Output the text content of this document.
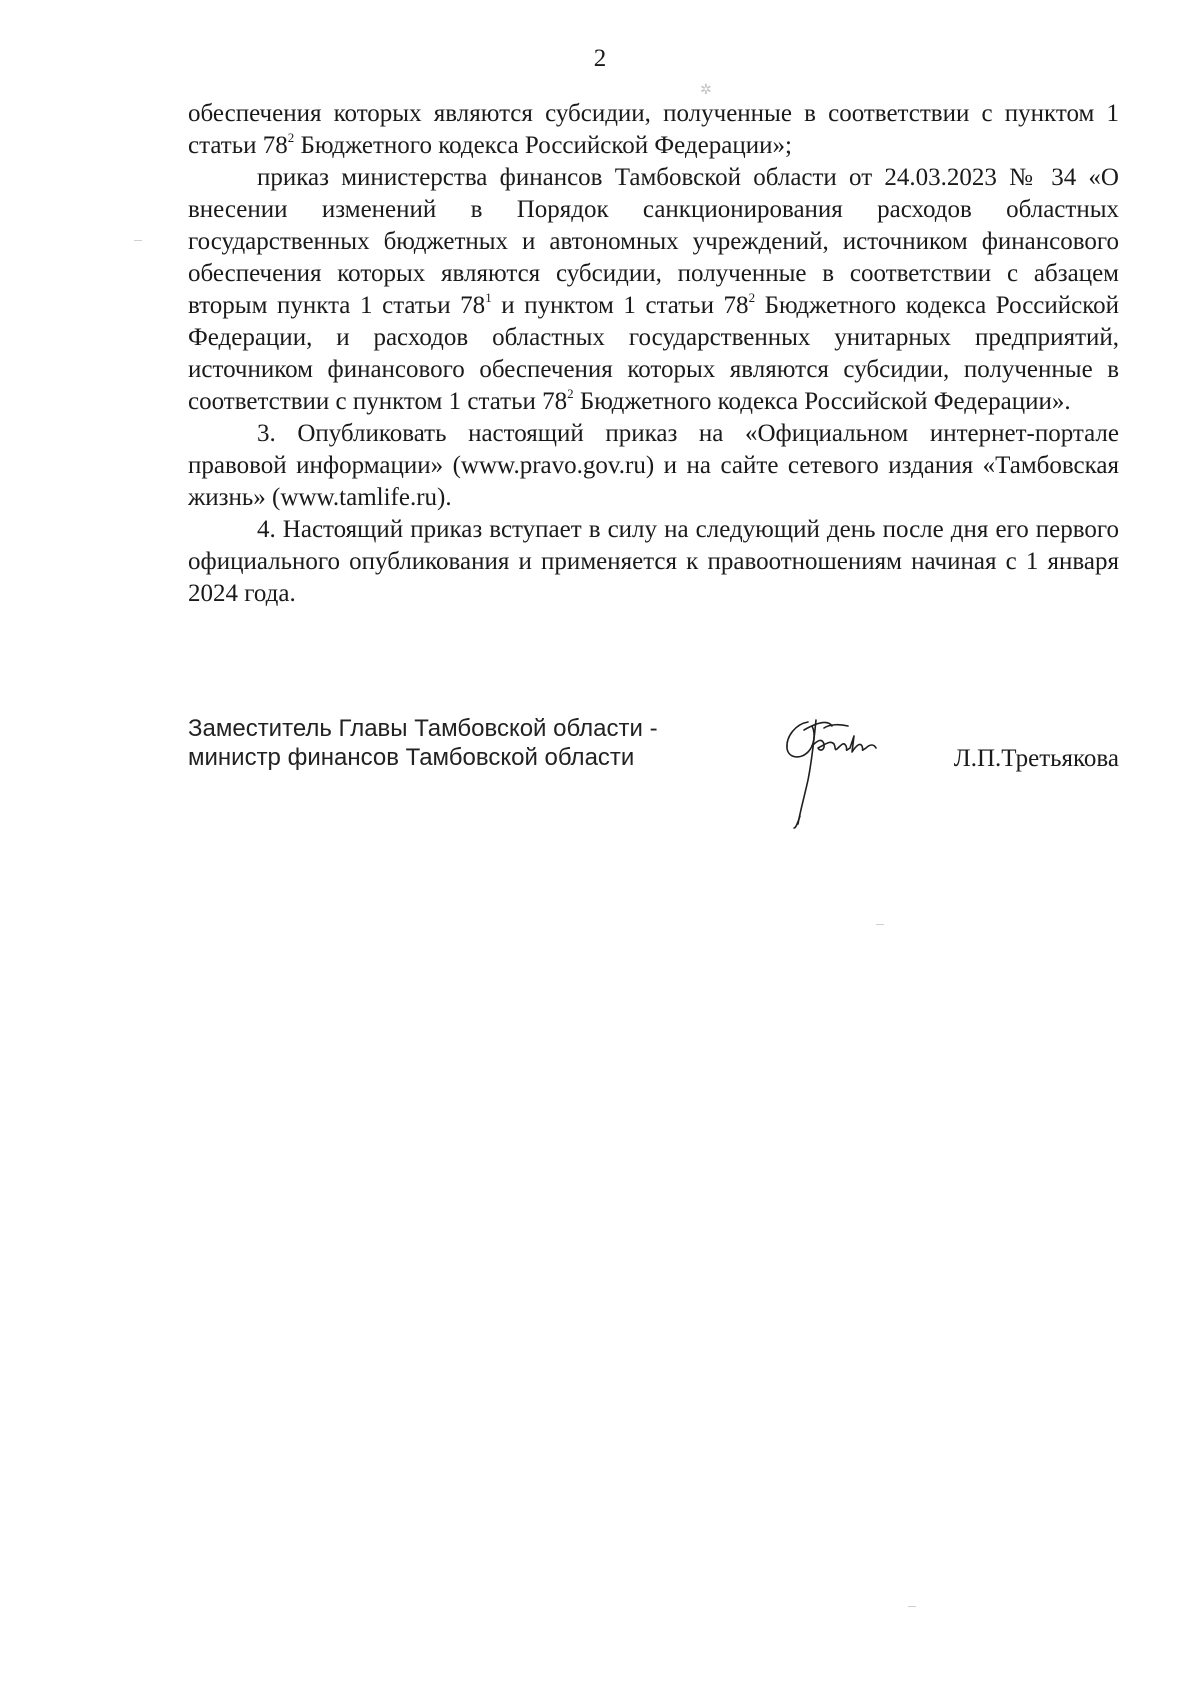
2
✲

обеспечения которых являются субсидии, полученные в соответствии с пунктом 1 статьи $78^2$ Бюджетного кодекса Российской Федерации»;

приказ министерства финансов Тамбовской области от 24.03.2023 № 34 «О внесении изменений в Порядок санкционирования расходов областных государственных бюджетных и автономных учреждений, источником финансового обеспечения которых являются субсидии, полученные в соответствии с абзацем вторым пункта 1 статьи $78^1$ и пунктом 1 статьи $78^2$ Бюджетного кодекса Российской Федерации, и расходов областных государственных унитарных предприятий, источником финансового обеспечения которых являются субсидии, полученные в соответствии с пунктом 1 статьи $78^2$ Бюджетного кодекса Российской Федерации».

3. Опубликовать настоящий приказ на «Официальном интернет-портале правовой информации» (www.pravo.gov.ru) и на сайте сетевого издания «Тамбовская жизнь» (www.tamlife.ru).

4. Настоящий приказ вступает в силу на следующий день после дня его первого официального опубликования и применяется к правоотношениям начиная с 1 января 2024 года.

Заместитель Главы Тамбовской области -
министр финансов Тамбовской области	Л.П.Третьякова
